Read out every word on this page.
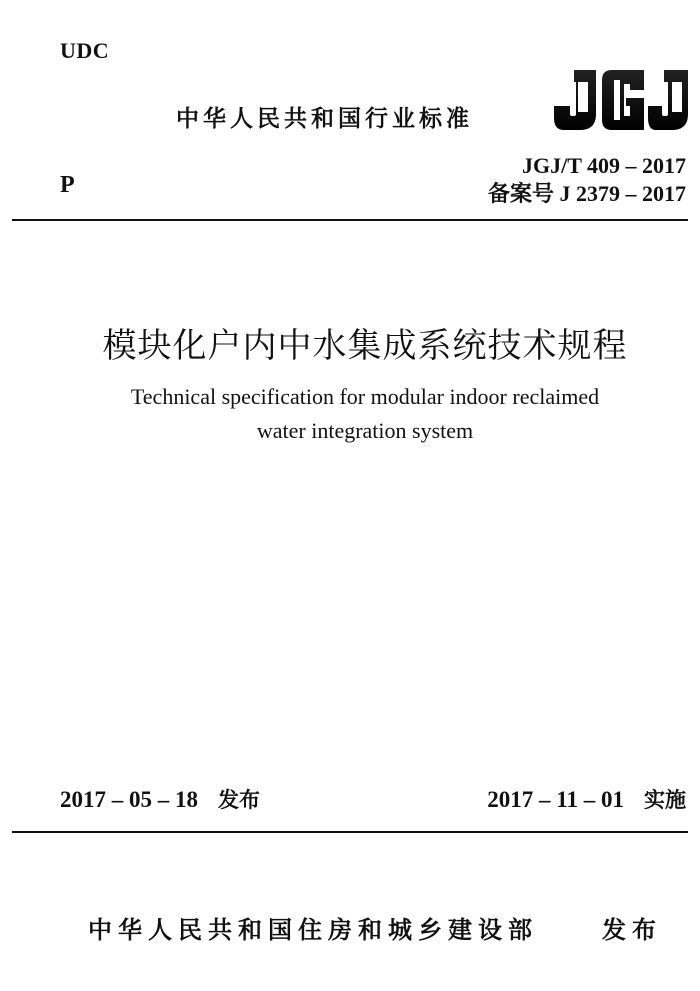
UDC
中华人民共和国行业标准
P
JGJ/T 409 – 2017
备案号 J 2379 – 2017
模块化户内中水集成系统技术规程
Technical specification for modular indoor reclaimed
water integration system
2017 – 05 – 18 发布	2017 – 11 – 01 实施
中华人民共和国住房和城乡建设部	发布
